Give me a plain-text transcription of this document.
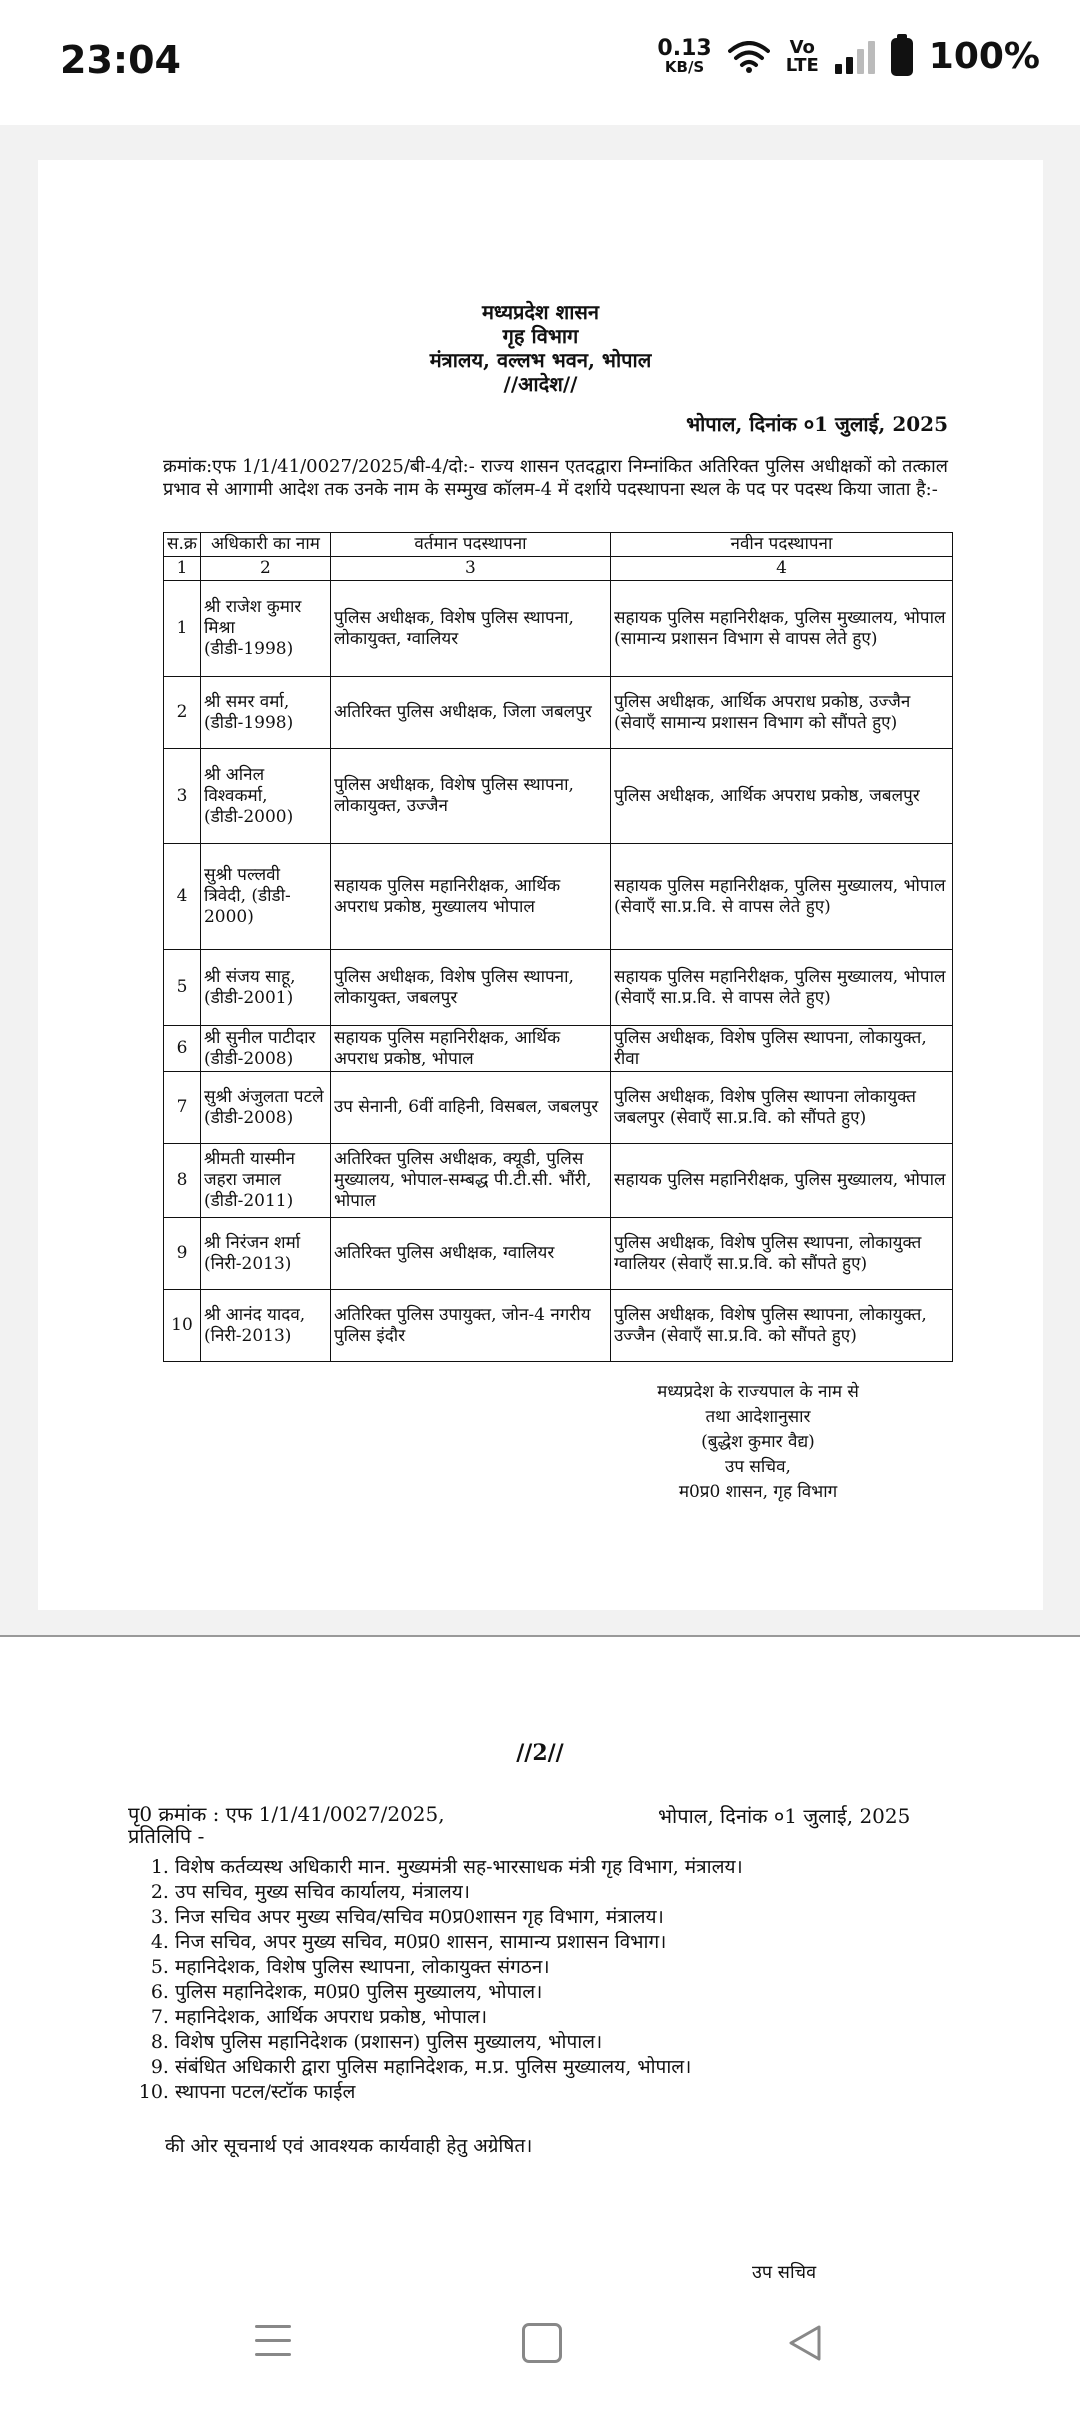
23:04	0.13
KB/S
Vo
LTE	100%
मध्यप्रदेश शासन
गृह विभाग
मंत्रालय, वल्लभ भवन, भोपाल
//आदेश//
भोपाल, दिनांक ०1 जुलाई, 2025
क्रमांक:एफ 1/1/41/0027/2025/बी-4/दो:- राज्य शासन एतदद्वारा निम्नांकित अतिरिक्त पुलिस अधीक्षकों को तत्काल प्रभाव से आगामी आदेश तक उनके नाम के सम्मुख कॉलम-4 में दर्शाये पदस्थापना स्थल के पद पर पदस्थ किया जाता है:-
स.क्र	अधिकारी का नाम	वर्तमान पदस्थापना	नवीन पदस्थापना
1	2	3	4
1	श्री राजेश कुमार मिश्रा (डीडी-1998)	पुलिस अधीक्षक, विशेष पुलिस स्थापना, लोकायुक्त, ग्वालियर	सहायक पुलिस महानिरीक्षक, पुलिस मुख्यालय, भोपाल (सामान्य प्रशासन विभाग से वापस लेते हुए)
2	श्री समर वर्मा, (डीडी-1998)	अतिरिक्त पुलिस अधीक्षक, जिला जबलपुर	पुलिस अधीक्षक, आर्थिक अपराध प्रकोष्ठ, उज्जैन (सेवाएँ सामान्य प्रशासन विभाग को सौंपते हुए)
3	श्री अनिल विश्वकर्मा, (डीडी-2000)	पुलिस अधीक्षक, विशेष पुलिस स्थापना, लोकायुक्त, उज्जैन	पुलिस अधीक्षक, आर्थिक अपराध प्रकोष्ठ, जबलपुर
4	सुश्री पल्लवी त्रिवेदी, (डीडी- 2000)	सहायक पुलिस महानिरीक्षक, आर्थिक अपराध प्रकोष्ठ, मुख्यालय भोपाल	सहायक पुलिस महानिरीक्षक, पुलिस मुख्यालय, भोपाल (सेवाएँ सा.प्र.वि. से वापस लेते हुए)
5	श्री संजय साहू, (डीडी-2001)	पुलिस अधीक्षक, विशेष पुलिस स्थापना, लोकायुक्त, जबलपुर	सहायक पुलिस महानिरीक्षक, पुलिस मुख्यालय, भोपाल (सेवाएँ सा.प्र.वि. से वापस लेते हुए)
6	श्री सुनील पाटीदार (डीडी-2008)	सहायक पुलिस महानिरीक्षक, आर्थिक अपराध प्रकोष्ठ, भोपाल	पुलिस अधीक्षक, विशेष पुलिस स्थापना, लोकायुक्त, रीवा
7	सुश्री अंजुलता पटले (डीडी-2008)	उप सेनानी, 6वीं वाहिनी, विसबल, जबलपुर	पुलिस अधीक्षक, विशेष पुलिस स्थापना लोकायुक्त जबलपुर (सेवाएँ सा.प्र.वि. को सौंपते हुए)
8	श्रीमती यास्मीन जहरा जमाल (डीडी-2011)	अतिरिक्त पुलिस अधीक्षक, क्यूडी, पुलिस मुख्यालय, भोपाल-सम्बद्ध पी.टी.सी. भौंरी, भोपाल	सहायक पुलिस महानिरीक्षक, पुलिस मुख्यालय, भोपाल
9	श्री निरंजन शर्मा (निरी-2013)	अतिरिक्त पुलिस अधीक्षक, ग्वालियर	पुलिस अधीक्षक, विशेष पुलिस स्थापना, लोकायुक्त ग्वालियर (सेवाएँ सा.प्र.वि. को सौंपते हुए)
10	श्री आनंद यादव, (निरी-2013)	अतिरिक्त पुलिस उपायुक्त, जोन-4 नगरीय पुलिस इंदौर	पुलिस अधीक्षक, विशेष पुलिस स्थापना, लोकायुक्त, उज्जैन (सेवाएँ सा.प्र.वि. को सौंपते हुए)
मध्यप्रदेश के राज्यपाल के नाम से
तथा आदेशानुसार
(बुद्धेश कुमार वैद्य)
उप सचिव,
म0प्र0 शासन, गृह विभाग
//2//
पृ0 क्रमांक : एफ 1/1/41/0027/2025,
प्रतिलिपि -
भोपाल, दिनांक ०1 जुलाई, 2025
1. विशेष कर्तव्यस्थ अधिकारी मान. मुख्यमंत्री सह-भारसाधक मंत्री गृह विभाग, मंत्रालय।
2. उप सचिव, मुख्य सचिव कार्यालय, मंत्रालय।
3. निज सचिव अपर मुख्य सचिव/सचिव म0प्र0शासन गृह विभाग, मंत्रालय।
4. निज सचिव, अपर मुख्य सचिव, म0प्र0 शासन, सामान्य प्रशासन विभाग।
5. महानिदेशक, विशेष पुलिस स्थापना, लोकायुक्त संगठन।
6. पुलिस महानिदेशक, म0प्र0 पुलिस मुख्यालय, भोपाल।
7. महानिदेशक, आर्थिक अपराध प्रकोष्ठ, भोपाल।
8. विशेष पुलिस महानिदेशक (प्रशासन) पुलिस मुख्यालय, भोपाल।
9. संबंधित अधिकारी द्वारा पुलिस महानिदेशक, म.प्र. पुलिस मुख्यालय, भोपाल।
10. स्थापना पटल/स्टॉक फाईल
की ओर सूचनार्थ एवं आवश्यक कार्यवाही हेतु अग्रेषित।
उप सचिव
